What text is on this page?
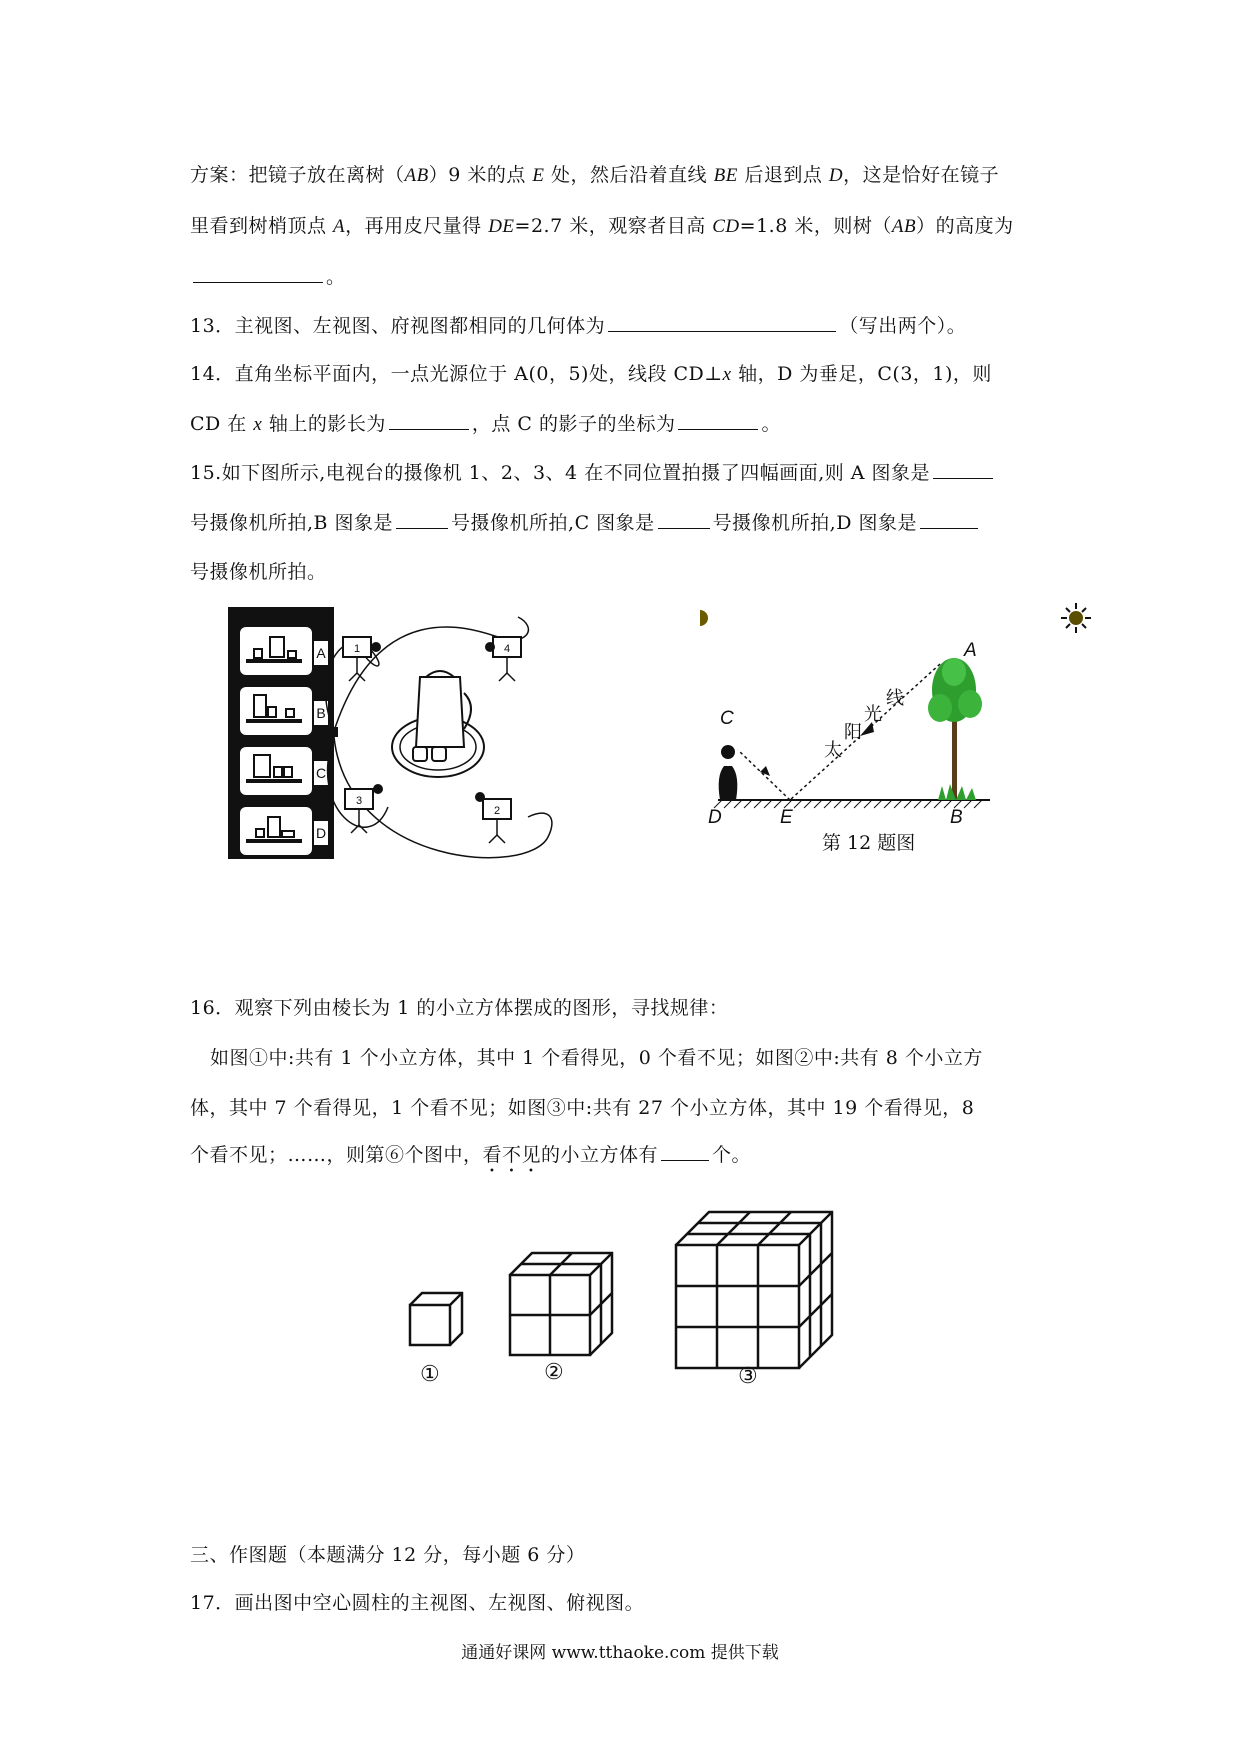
方案：把镜子放在离树（AB）9 米的点 E 处，然后沿着直线 BE 后退到点 D，这是恰好在镜子
里看到树梢顶点 A，再用皮尺量得 DE=2.7 米，观察者目高 CD=1.8 米，则树（AB）的高度为
。
13．主视图、左视图、府视图都相同的几何体为	（写出两个）。
14．直角坐标平面内，一点光源位于 A(0，5)处，线段 CD⊥x 轴，D 为垂足，C(3，1)，则
CD 在 x 轴上的影长为	，点 C 的影子的坐标为	。
15.如下图所示,电视台的摄像机 1、2、3、4 在不同位置拍摄了四幅画面,则 A 图象是
号摄像机所拍,B 图象是	号摄像机所拍,C 图象是	号摄像机所拍,D 图象是
号摄像机所拍。
A
B
C
D
1	4
3
2
A
C
D	E	B
太
阳
光
线
第 12 题图
16．观察下列由棱长为 1 的小立方体摆成的图形，寻找规律：
如图①中:共有 1 个小立方体，其中 1 个看得见，0 个看不见；如图②中:共有 8 个小立方
体，其中 7 个看得见，1 个看不见；如图③中:共有 27 个小立方体，其中 19 个看得见，8
个看不见；……，则第⑥个图中，看不见的小立方体有	个。
①	②	③
三、作图题（本题满分 12 分，每小题 6 分）
17．画出图中空心圆柱的主视图、左视图、俯视图。
通通好课网 www.tthaoke.com 提供下载
